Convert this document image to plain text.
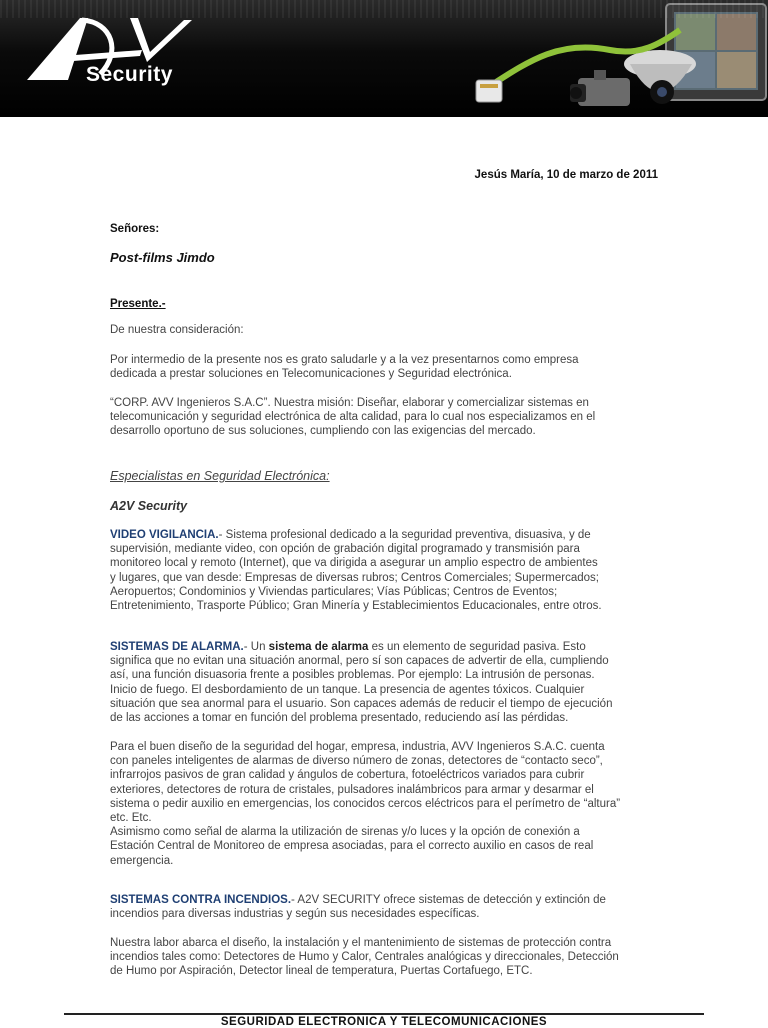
Security
Jesús María, 10 de marzo de 2011
Señores:
Post-films Jimdo
Presente.-
De nuestra consideración:

Por intermedio de la presente nos es grato saludarle y a la vez presentarnos como empresa

dedicada a prestar soluciones en Telecomunicaciones y Seguridad electrónica.

“CORP. AVV Ingenieros S.A.C”. Nuestra misión: Diseñar, elaborar y comercializar sistemas en
telecomunicación y seguridad electrónica de alta calidad, para lo cual nos especializamos en el

desarrollo oportuno de sus soluciones, cumpliendo con las exigencias del mercado.

Especialistas en Seguridad Electrónica:
A2V Security

VIDEO VIGILANCIA.- Sistema profesional dedicado a la seguridad preventiva, disuasiva, y de
supervisión, mediante video, con opción de grabación digital programado y transmisión para
monitoreo local y remoto (Internet), que va dirigida a asegurar un amplio espectro de ambientes
y lugares, que van desde: Empresas de diversas rubros; Centros Comerciales; Supermercados;
Aeropuertos; Condominios y Viviendas particulares; Vías Públicas; Centros de Eventos;

Entretenimiento, Trasporte Público; Gran Minería y Establecimientos Educacionales, entre otros.

SISTEMAS DE ALARMA.- Un sistema de alarma es un elemento de seguridad pasiva. Esto
significa que no evitan una situación anormal, pero sí son capaces de advertir de ella, cumpliendo
así, una función disuasoria frente a posibles problemas. Por ejemplo: La intrusión de personas.
Inicio de fuego. El desbordamiento de un tanque. La presencia de agentes tóxicos. Cualquier
situación que sea anormal para el usuario. Son capaces además de reducir el tiempo de ejecución

de las acciones a tomar en función del problema presentado, reduciendo así las pérdidas.

Para el buen diseño de la seguridad del hogar, empresa, industria, AVV Ingenieros S.A.C. cuenta
con paneles inteligentes de alarmas de diverso número de zonas, detectores de “contacto seco”,
infrarrojos pasivos de gran calidad y ángulos de cobertura, fotoeléctricos variados para cubrir
exteriores, detectores de rotura de cristales, pulsadores inalámbricos para armar y desarmar el
sistema o pedir auxilio en emergencias, los conocidos cercos eléctricos para el perímetro de “altura”

etc. Etc.
Asimismo como señal de alarma la utilización de sirenas y/o luces y la opción de conexión a
Estación Central de Monitoreo de empresa asociadas, para el correcto auxilio en casos de real

emergencia.

SISTEMAS CONTRA INCENDIOS.- A2V SECURITY ofrece sistemas de detección y extinción de

incendios para diversas industrias y según sus necesidades específicas.

Nuestra labor abarca el diseño, la instalación y el mantenimiento de sistemas de protección contra
incendios tales como: Detectores de Humo y Calor, Centrales analógicas y direccionales, Detección

de Humo por Aspiración, Detector lineal de temperatura, Puertas Cortafuego, ETC.

SEGURIDAD ELECTRONICA Y TELECOMUNICACIONES
